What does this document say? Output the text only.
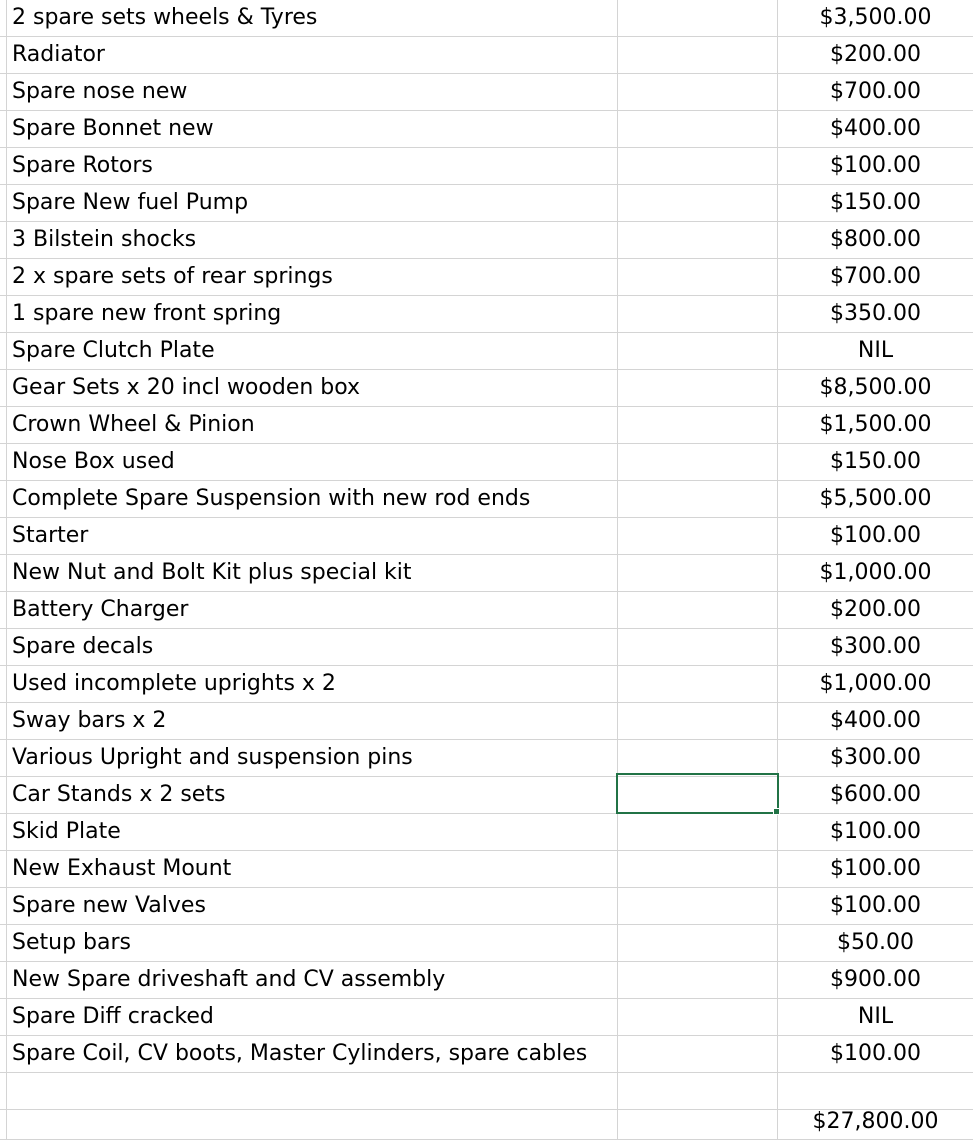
2 spare sets wheels & Tyres	$3,500.00
Radiator	$200.00
Spare nose new	$700.00
Spare Bonnet new	$400.00
Spare Rotors	$100.00
Spare New fuel Pump	$150.00
3 Bilstein shocks	$800.00
2 x spare sets of rear springs	$700.00
1 spare new front spring	$350.00
Spare Clutch Plate	NIL
Gear Sets x 20 incl wooden box	$8,500.00
Crown Wheel & Pinion	$1,500.00
Nose Box used	$150.00
Complete Spare Suspension with new rod ends	$5,500.00
Starter	$100.00
New Nut and Bolt Kit plus special kit	$1,000.00
Battery Charger	$200.00
Spare decals	$300.00
Used incomplete uprights x 2	$1,000.00
Sway bars x 2	$400.00
Various Upright and suspension pins	$300.00
Car Stands x 2 sets	$600.00
Skid Plate	$100.00
New Exhaust Mount	$100.00
Spare new Valves	$100.00
Setup bars	$50.00
New Spare driveshaft and CV assembly	$900.00
Spare Diff cracked	NIL
Spare Coil, CV boots, Master Cylinders, spare cables	$100.00
$27,800.00
